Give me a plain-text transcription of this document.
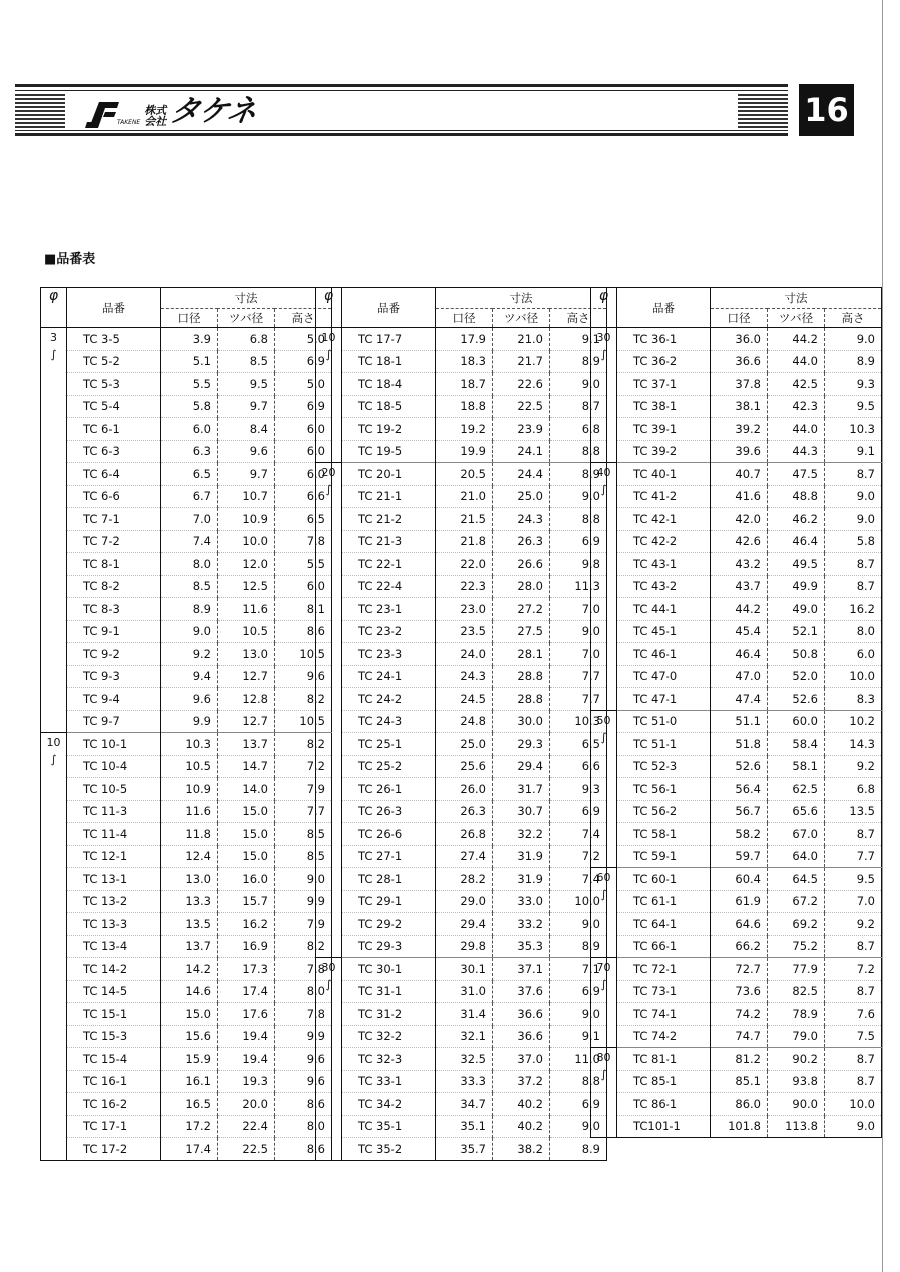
TAKENE
株式
会社 タケネ	16
■品番表
φ	品番	寸法		
		口径	ツバ径	高さ

3
∫	TC 3-5	3.9	6.8	5.0
	TC 5-2	5.1	8.5	6.9
	TC 5-3	5.5	9.5	5.0
	TC 5-4	5.8	9.7	6.9
	TC 6-1	6.0	8.4	6.0
	TC 6-3	6.3	9.6	6.0
	TC 6-4	6.5	9.7	6.0
	TC 6-6	6.7	10.7	6.6
	TC 7-1	7.0	10.9	6.5
	TC 7-2	7.4	10.0	7.8
	TC 8-1	8.0	12.0	5.5
	TC 8-2	8.5	12.5	6.0
	TC 8-3	8.9	11.6	8.1
	TC 9-1	9.0	10.5	8.6
	TC 9-2	9.2	13.0	10.5
	TC 9-3	9.4	12.7	9.6
	TC 9-4	9.6	12.8	8.2
	TC 9-7	9.9	12.7	10.5

10
∫	TC 10-1	10.3	13.7	8.2
	TC 10-4	10.5	14.7	7.2
	TC 10-5	10.9	14.0	7.9
	TC 11-3	11.6	15.0	7.7
	TC 11-4	11.8	15.0	8.5
	TC 12-1	12.4	15.0	8.5
	TC 13-1	13.0	16.0	9.0
	TC 13-2	13.3	15.7	9.9
	TC 13-3	13.5	16.2	7.9
	TC 13-4	13.7	16.9	8.2
	TC 14-2	14.2	17.3	7.8
	TC 14-5	14.6	17.4	8.0
	TC 15-1	15.0	17.6	7.8
	TC 15-3	15.6	19.4	9.9
	TC 15-4	15.9	19.4	9.6
	TC 16-1	16.1	19.3	9.6
	TC 16-2	16.5	20.0	8.6
	TC 17-1	17.2	22.4	8.0
	TC 17-2	17.4	22.5	8.6
φ	品番	寸法		
		口径	ツバ径	高さ

10
∫	TC 17-7	17.9	21.0	9.1
	TC 18-1	18.3	21.7	8.9
	TC 18-4	18.7	22.6	9.0
	TC 18-5	18.8	22.5	8.7
	TC 19-2	19.2	23.9	6.8
	TC 19-5	19.9	24.1	8.8

20
∫	TC 20-1	20.5	24.4	8.9
	TC 21-1	21.0	25.0	9.0
	TC 21-2	21.5	24.3	8.8
	TC 21-3	21.8	26.3	6.9
	TC 22-1	22.0	26.6	9.8
	TC 22-4	22.3	28.0	11.3
	TC 23-1	23.0	27.2	7.0
	TC 23-2	23.5	27.5	9.0
	TC 23-3	24.0	28.1	7.0
	TC 24-1	24.3	28.8	7.7
	TC 24-2	24.5	28.8	7.7
	TC 24-3	24.8	30.0	10.3
	TC 25-1	25.0	29.3	6.5
	TC 25-2	25.6	29.4	6.6
	TC 26-1	26.0	31.7	9.3
	TC 26-3	26.3	30.7	6.9
	TC 26-6	26.8	32.2	7.4
	TC 27-1	27.4	31.9	7.2
	TC 28-1	28.2	31.9	7.4
	TC 29-1	29.0	33.0	10.0
	TC 29-2	29.4	33.2	9.0
	TC 29-3	29.8	35.3	8.9

30
∫	TC 30-1	30.1	37.1	7.1
	TC 31-1	31.0	37.6	6.9
	TC 31-2	31.4	36.6	9.0
	TC 32-2	32.1	36.6	9.1
	TC 32-3	32.5	37.0	11.0
	TC 33-1	33.3	37.2	8.8
	TC 34-2	34.7	40.2	6.9
	TC 35-1	35.1	40.2	9.0
	TC 35-2	35.7	38.2	8.9
φ	品番	寸法		
		口径	ツバ径	高さ

30
∫	TC 36-1	36.0	44.2	9.0
	TC 36-2	36.6	44.0	8.9
	TC 37-1	37.8	42.5	9.3
	TC 38-1	38.1	42.3	9.5
	TC 39-1	39.2	44.0	10.3
	TC 39-2	39.6	44.3	9.1

40
∫	TC 40-1	40.7	47.5	8.7
	TC 41-2	41.6	48.8	9.0
	TC 42-1	42.0	46.2	9.0
	TC 42-2	42.6	46.4	5.8
	TC 43-1	43.2	49.5	8.7
	TC 43-2	43.7	49.9	8.7
	TC 44-1	44.2	49.0	16.2
	TC 45-1	45.4	52.1	8.0
	TC 46-1	46.4	50.8	6.0
	TC 47-0	47.0	52.0	10.0
	TC 47-1	47.4	52.6	8.3

50
∫	TC 51-0	51.1	60.0	10.2
	TC 51-1	51.8	58.4	14.3
	TC 52-3	52.6	58.1	9.2
	TC 56-1	56.4	62.5	6.8
	TC 56-2	56.7	65.6	13.5
	TC 58-1	58.2	67.0	8.7
	TC 59-1	59.7	64.0	7.7

60
∫	TC 60-1	60.4	64.5	9.5
	TC 61-1	61.9	67.2	7.0
	TC 64-1	64.6	69.2	9.2
	TC 66-1	66.2	75.2	8.7

70
∫	TC 72-1	72.7	77.9	7.2
	TC 73-1	73.6	82.5	8.7
	TC 74-1	74.2	78.9	7.6
	TC 74-2	74.7	79.0	7.5

80
∫	TC 81-1	81.2	90.2	8.7
	TC 85-1	85.1	93.8	8.7
	TC 86-1	86.0	90.0	10.0
	TC101-1	101.8	113.8	9.0
